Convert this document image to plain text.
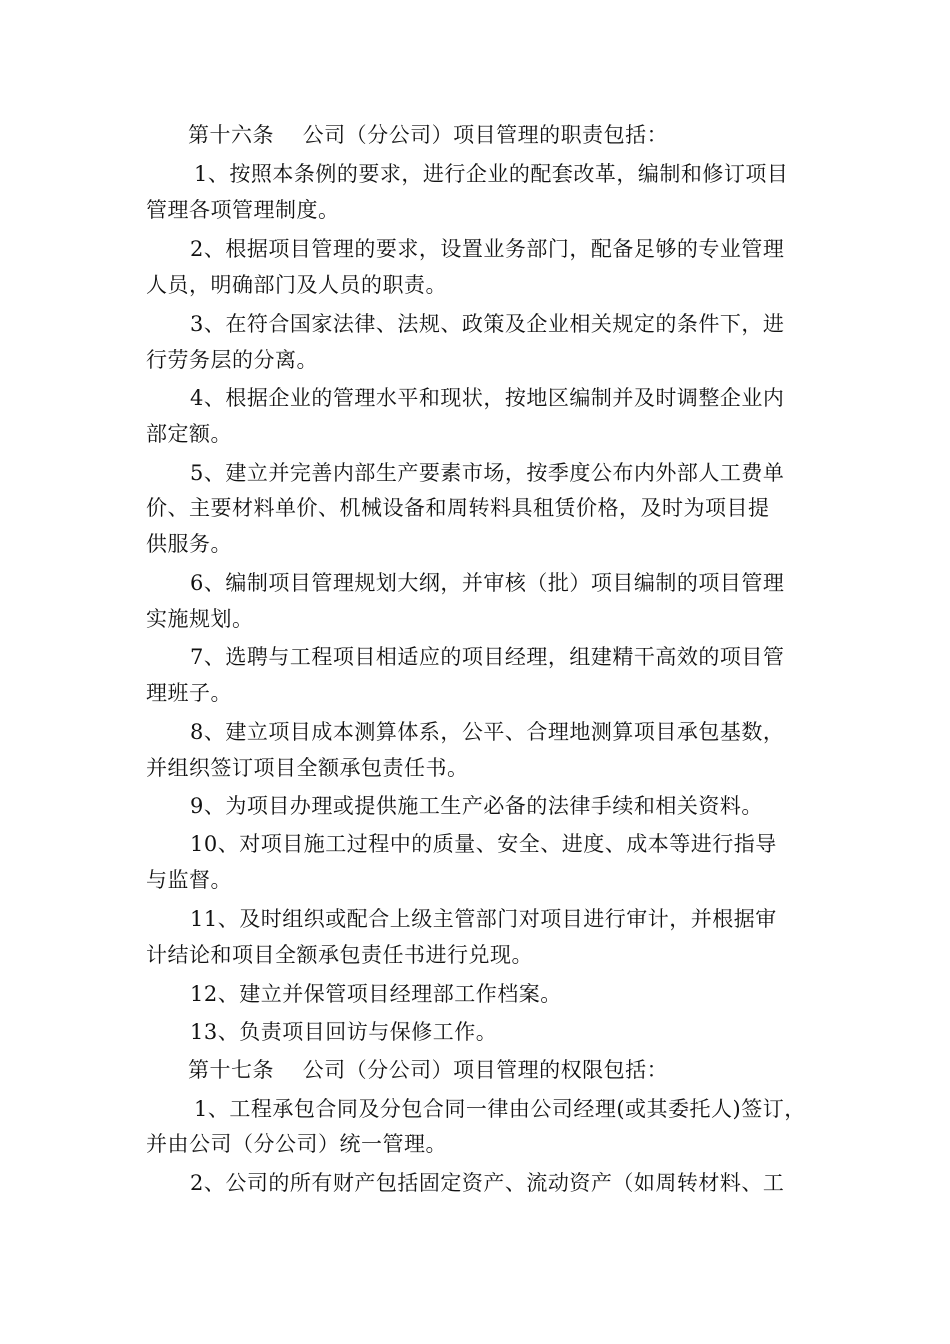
第十六条　 公司（分公司）项目管理的职责包括：
1、按照本条例的要求，进行企业的配套改革，编制和修订项目
管理各项管理制度。
2、根据项目管理的要求，设置业务部门，配备足够的专业管理
人员，明确部门及人员的职责。
3、在符合国家法律、法规、政策及企业相关规定的条件下，进
行劳务层的分离。
4、根据企业的管理水平和现状，按地区编制并及时调整企业内
部定额。
5、建立并完善内部生产要素市场，按季度公布内外部人工费单
价、主要材料单价、机械设备和周转料具租赁价格，及时为项目提
供服务。
6、编制项目管理规划大纲，并审核（批）项目编制的项目管理
实施规划。
7、选聘与工程项目相适应的项目经理，组建精干高效的项目管
理班子。
8、建立项目成本测算体系，公平、合理地测算项目承包基数，
并组织签订项目全额承包责任书。
9、为项目办理或提供施工生产必备的法律手续和相关资料。
10、对项目施工过程中的质量、安全、进度、成本等进行指导
与监督。
11、及时组织或配合上级主管部门对项目进行审计，并根据审
计结论和项目全额承包责任书进行兑现。
12、建立并保管项目经理部工作档案。
13、负责项目回访与保修工作。
第十七条　 公司（分公司）项目管理的权限包括：
1、工程承包合同及分包合同一律由公司经理(或其委托人)签订，
并由公司（分公司）统一管理。
2、公司的所有财产包括固定资产、流动资产（如周转材料、工
